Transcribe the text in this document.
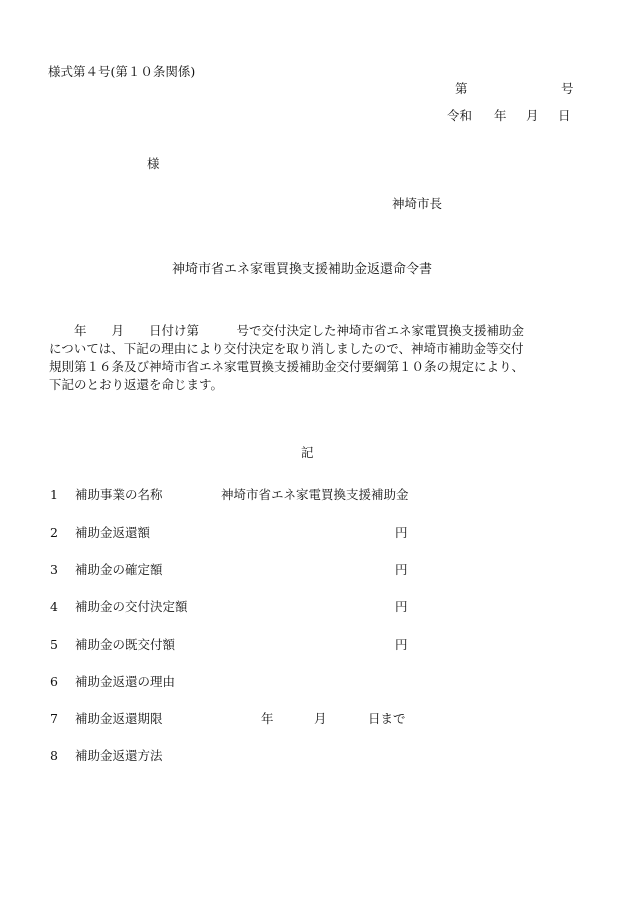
様式第４号(第１０条関係)
第	号
令和 年 月 日
様
神埼市長
神埼市省エネ家電買換支援補助金返還命令書
　　年　　月　　日付け第　　　号で交付決定した神埼市省エネ家電買換支援補助金
については、下記の理由により交付決定を取り消しましたので、神埼市補助金等交付
規則第１６条及び神埼市省エネ家電買換支援補助金交付要綱第１０条の規定により、
下記のとおり返還を命じます。
記
1 補助事業の名称	神埼市省エネ家電買換支援補助金
2 補助金返還額	円
3 補助金の確定額	円
4 補助金の交付決定額	円
5 補助金の既交付額	円
6 補助金返還の理由
7 補助金返還期限	年	月	日まで
8 補助金返還方法
